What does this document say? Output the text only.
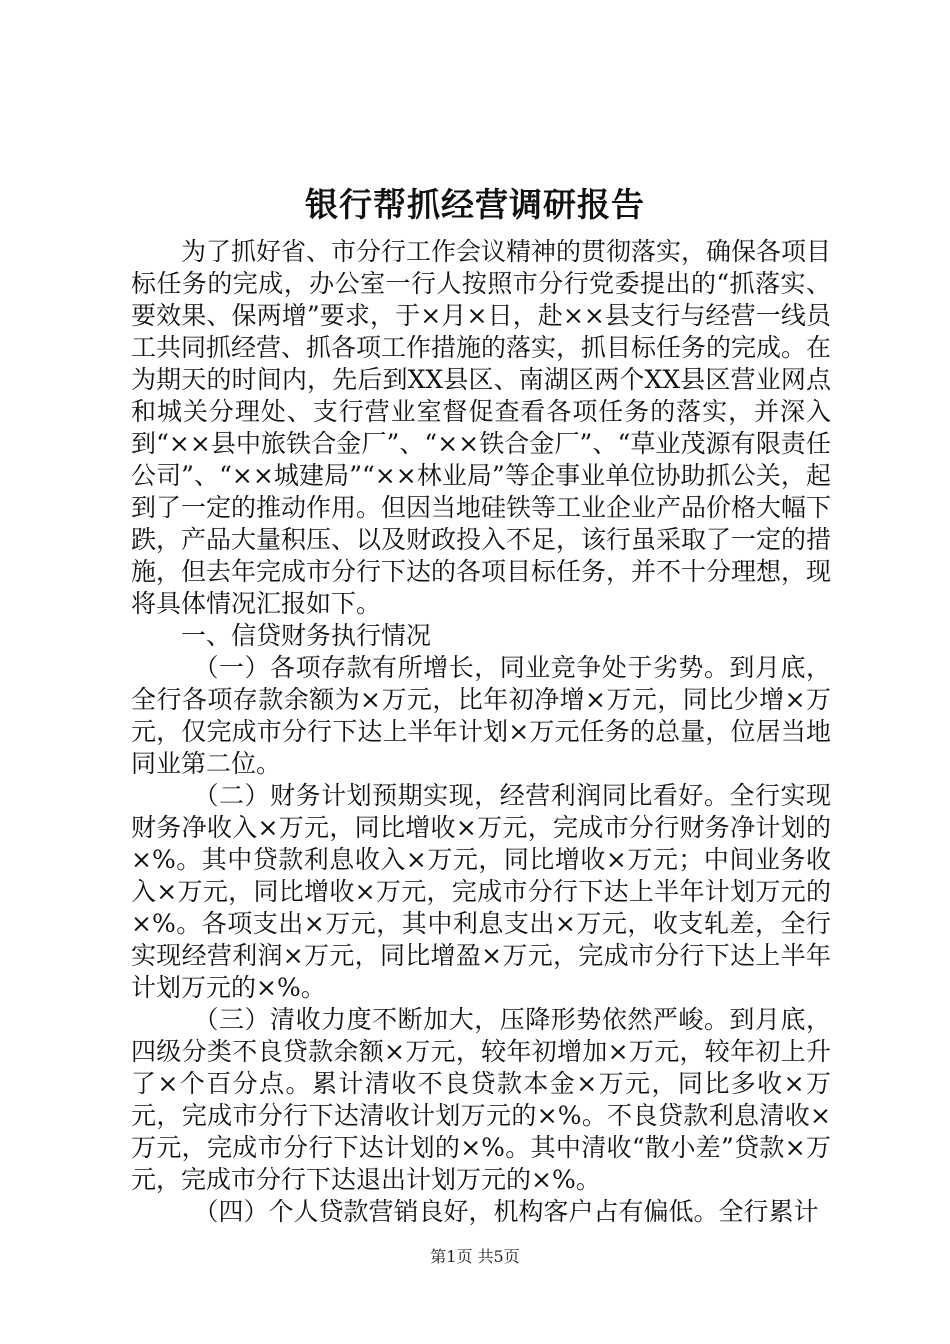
银行帮抓经营调研报告

为了抓好省、市分行工作会议精神的贯彻落实，确保各项目标任务的完成，办公室一行人按照市分行党委提出的“抓落实、要效果、保两增”要求，于×月×日，赴××县支行与经营一线员工共同抓经营、抓各项工作措施的落实，抓目标任务的完成。在为期天的时间内，先后到XX县区、南湖区两个XX县区营业网点和城关分理处、支行营业室督促查看各项任务的落实，并深入到“××县中旅铁合金厂”、“××铁合金厂”、“草业茂源有限责任公司”、“××城建局”“××林业局”等企事业单位协助抓公关，起到了一定的推动作用。但因当地硅铁等工业企业产品价格大幅下跌，产品大量积压、以及财政投入不足，该行虽采取了一定的措施，但去年完成市分行下达的各项目标任务，并不十分理想，现将具体情况汇报如下。

一、信贷财务执行情况

（一）各项存款有所增长，同业竞争处于劣势。到月底，全行各项存款余额为×万元，比年初净增×万元，同比少增×万元，仅完成市分行下达上半年计划×万元任务的总量，位居当地同业第二位。

（二）财务计划预期实现，经营利润同比看好。全行实现财务净收入×万元，同比增收×万元，完成市分行财务净计划的×%。其中贷款利息收入×万元，同比增收×万元；中间业务收入×万元，同比增收×万元，完成市分行下达上半年计划万元的×%。各项支出×万元，其中利息支出×万元，收支轧差，全行实现经营利润×万元，同比增盈×万元，完成市分行下达上半年计划万元的×%。

（三）清收力度不断加大，压降形势依然严峻。到月底，四级分类不良贷款余额×万元，较年初增加×万元，较年初上升了×个百分点。累计清收不良贷款本金×万元，同比多收×万元，完成市分行下达清收计划万元的×%。不良贷款利息清收×万元，完成市分行下达计划的×%。其中清收“散小差”贷款×万元，完成市分行下达退出计划万元的×%。

（四）个人贷款营销良好，机构客户占有偏低。全行累计

第1页 共5页
